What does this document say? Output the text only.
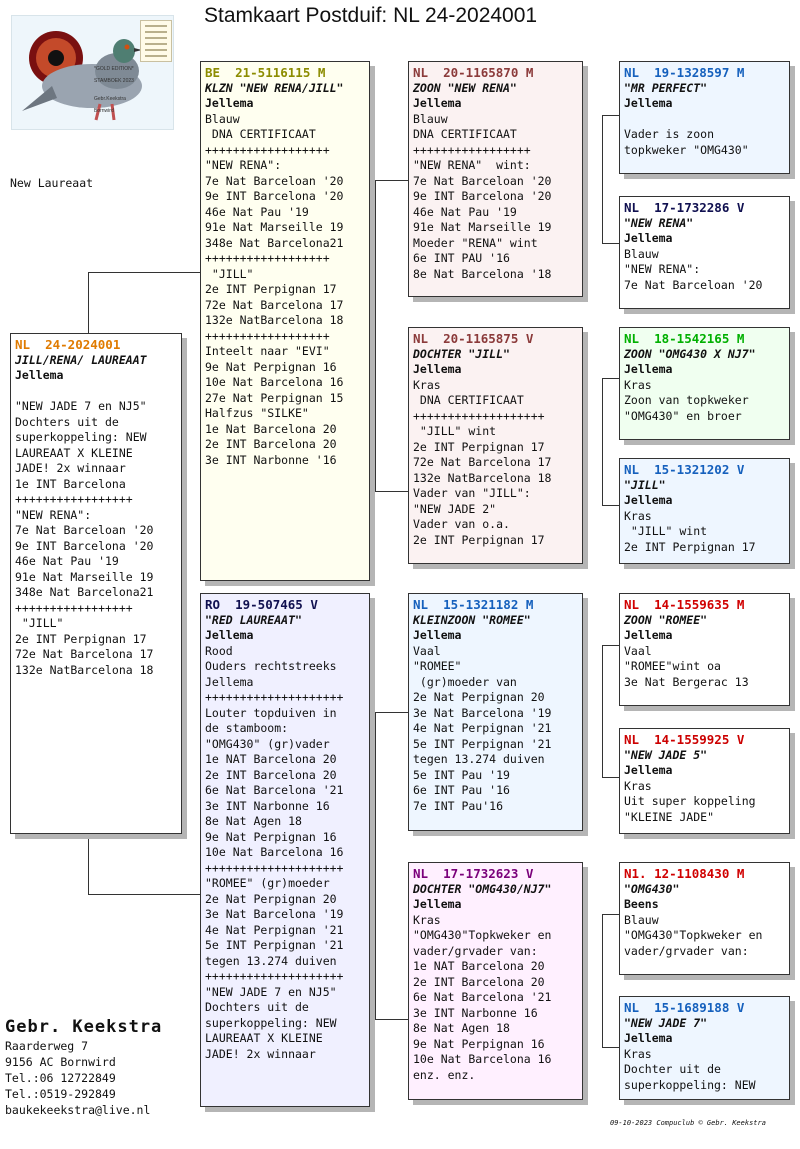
Stamkaart Postduif: NL 24-2024001
*GOLD EDITION*
STAMBOEK 2023
Gebr.Keekstra
Bornwird
New Laureaat
NL  24-2024001
JILL/RENA/ LAUREAAT
Jellema
"NEW JADE 7 en NJ5"
Dochters uit de
superkoppeling: NEW
LAUREAAT X KLEINE
JADE! 2x winnaar
1e INT Barcelona
+++++++++++++++++
"NEW RENA":
7e Nat Barceloan '20
9e INT Barcelona '20
46e Nat Pau '19
91e Nat Marseille 19
348e Nat Barcelona21
+++++++++++++++++
"JILL"
2e INT Perpignan 17
72e Nat Barcelona 17
132e NatBarcelona 18
BE  21-5116115 M
KLZN "NEW RENA/JILL"
Jellema
Blauw
DNA CERTIFICAAT
++++++++++++++++++
"NEW RENA":
7e Nat Barceloan '20
9e INT Barcelona '20
46e Nat Pau '19
91e Nat Marseille 19
348e Nat Barcelona21
++++++++++++++++++
"JILL"
2e INT Perpignan 17
72e Nat Barcelona 17
132e NatBarcelona 18
++++++++++++++++++
Inteelt naar "EVI"
9e Nat Perpignan 16
10e Nat Barcelona 16
27e Nat Perpignan 15
Halfzus "SILKE"
1e Nat Barcelona 20
2e INT Barcelona 20
3e INT Narbonne '16
RO  19-507465 V
"RED LAUREAAT"
Jellema
Rood
Ouders rechtstreeks
Jellema
++++++++++++++++++++
Louter topduiven in
de stamboom:
"OMG430" (gr)vader
1e NAT Barcelona 20
2e INT Barcelona 20
6e Nat Barcelona '21
3e INT Narbonne 16
8e Nat Agen 18
9e Nat Perpignan 16
10e Nat Barcelona 16
++++++++++++++++++++
"ROMEE" (gr)moeder
2e Nat Perpignan 20
3e Nat Barcelona '19
4e Nat Perpignan '21
5e INT Perpignan '21
tegen 13.274 duiven
++++++++++++++++++++
"NEW JADE 7 en NJ5"
Dochters uit de
superkoppeling: NEW
LAUREAAT X KLEINE
JADE! 2x winnaar
NL  20-1165870 M
ZOON "NEW RENA"
Jellema
Blauw
DNA CERTIFICAAT
+++++++++++++++++
"NEW RENA"  wint:
7e Nat Barceloan '20
9e INT Barcelona '20
46e Nat Pau '19
91e Nat Marseille 19
Moeder "RENA" wint
6e INT PAU '16
8e Nat Barcelona '18
NL  20-1165875 V
DOCHTER "JILL"
Jellema
Kras
DNA CERTIFICAAT
+++++++++++++++++++
"JILL" wint
2e INT Perpignan 17
72e Nat Barcelona 17
132e NatBarcelona 18
Vader van "JILL":
"NEW JADE 2"
Vader van o.a.
2e INT Perpignan 17
NL  15-1321182 M
KLEINZOON "ROMEE"
Jellema
Vaal
"ROMEE"
(gr)moeder van
2e Nat Perpignan 20
3e Nat Barcelona '19
4e Nat Perpignan '21
5e INT Perpignan '21
tegen 13.274 duiven
5e INT Pau '19
6e INT Pau '16
7e INT Pau'16
NL  17-1732623 V
DOCHTER "OMG430/NJ7"
Jellema
Kras
"OMG430"Topkweker en
vader/grvader van:
1e NAT Barcelona 20
2e INT Barcelona 20
6e Nat Barcelona '21
3e INT Narbonne 16
8e Nat Agen 18
9e Nat Perpignan 16
10e Nat Barcelona 16
enz. enz.
NL  19-1328597 M
"MR PERFECT"
Jellema
Vader is zoon
topkweker "OMG430"
NL  17-1732286 V
"NEW RENA"
Jellema
Blauw
"NEW RENA":
7e Nat Barceloan '20
NL  18-1542165 M
ZOON "OMG430 X NJ7"
Jellema
Kras
Zoon van topkweker
"OMG430" en broer
NL  15-1321202 V
"JILL"
Jellema
Kras
"JILL" wint
2e INT Perpignan 17
NL  14-1559635 M
ZOON "ROMEE"
Jellema
Vaal
"ROMEE"wint oa
3e Nat Bergerac 13
NL  14-1559925 V
"NEW JADE 5"
Jellema
Kras
Uit super koppeling
"KLEINE JADE"
N1. 12-1108430 M
"OMG430"
Beens
Blauw
"OMG430"Topkweker en
vader/grvader van:
NL  15-1689188 V
"NEW JADE 7"
Jellema
Kras
Dochter uit de
superkoppeling: NEW
Gebr. Keekstra
Raarderweg 7
9156 AC Bornwird
Tel.:06 12722849
Tel.:0519-292849
baukekeekstra@live.nl
09-10-2023 Compuclub © Gebr. Keekstra
